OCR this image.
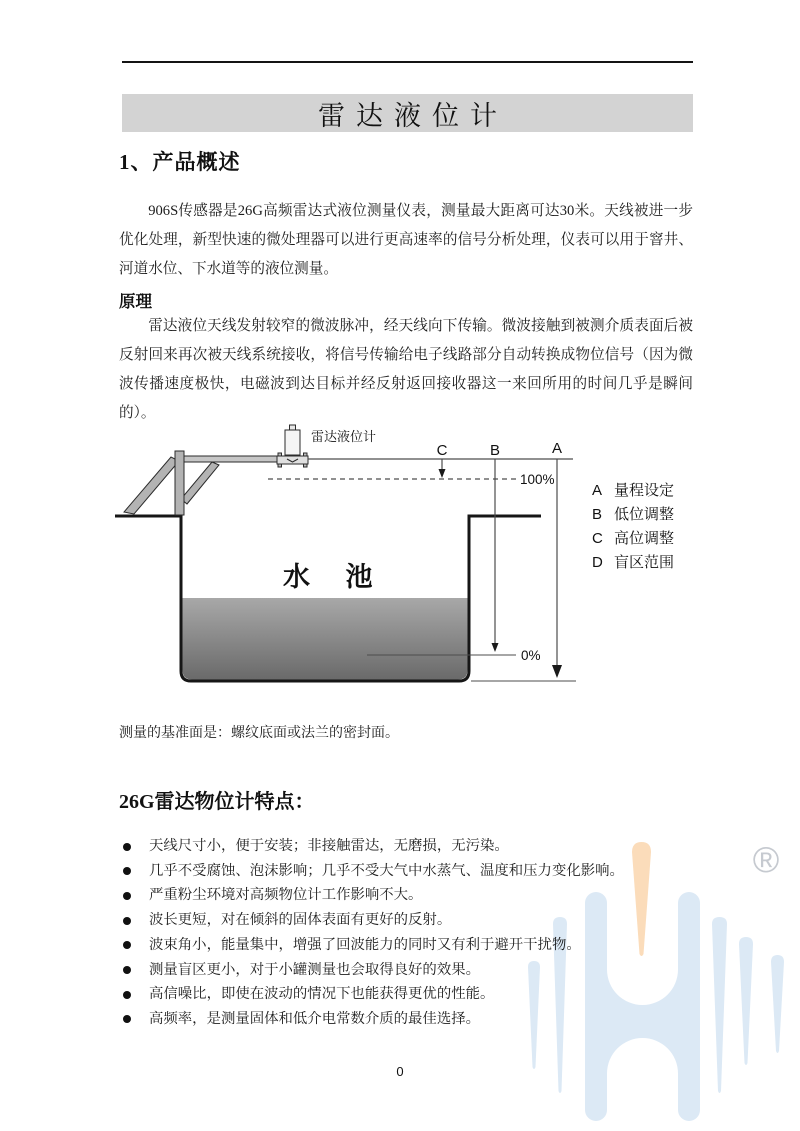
®
雷达液位计
1、产品概述
906S传感器是26G高频雷达式液位测量仪表，测量最大距离可达30米。天线被进一步优化处理，新型快速的微处理器可以进行更高速率的信号分析处理，仪表可以用于窨井、河道水位、下水道等的液位测量。
原理
雷达液位天线发射较窄的微波脉冲，经天线向下传输。微波接触到被测介质表面后被反射回来再次被天线系统接收，将信号传输给电子线路部分自动转换成物位信号（因为微波传播速度极快，电磁波到达目标并经反射返回接收器这一来回所用的时间几乎是瞬间的）。
雷达液位计
C	B	A
100%
0%
水 池
A 量程设定
B 低位调整
C 高位调整
D 盲区范围
测量的基准面是：螺纹底面或法兰的密封面。
26G雷达物位计特点：
天线尺寸小，便于安装；非接触雷达，无磨损，无污染。
几乎不受腐蚀、泡沫影响；几乎不受大气中水蒸气、温度和压力变化影响。
严重粉尘环境对高频物位计工作影响不大。
波长更短，对在倾斜的固体表面有更好的反射。
波束角小，能量集中，增强了回波能力的同时又有利于避开干扰物。
测量盲区更小，对于小罐测量也会取得良好的效果。
高信噪比，即使在波动的情况下也能获得更优的性能。
高频率，是测量固体和低介电常数介质的最佳选择。
0
